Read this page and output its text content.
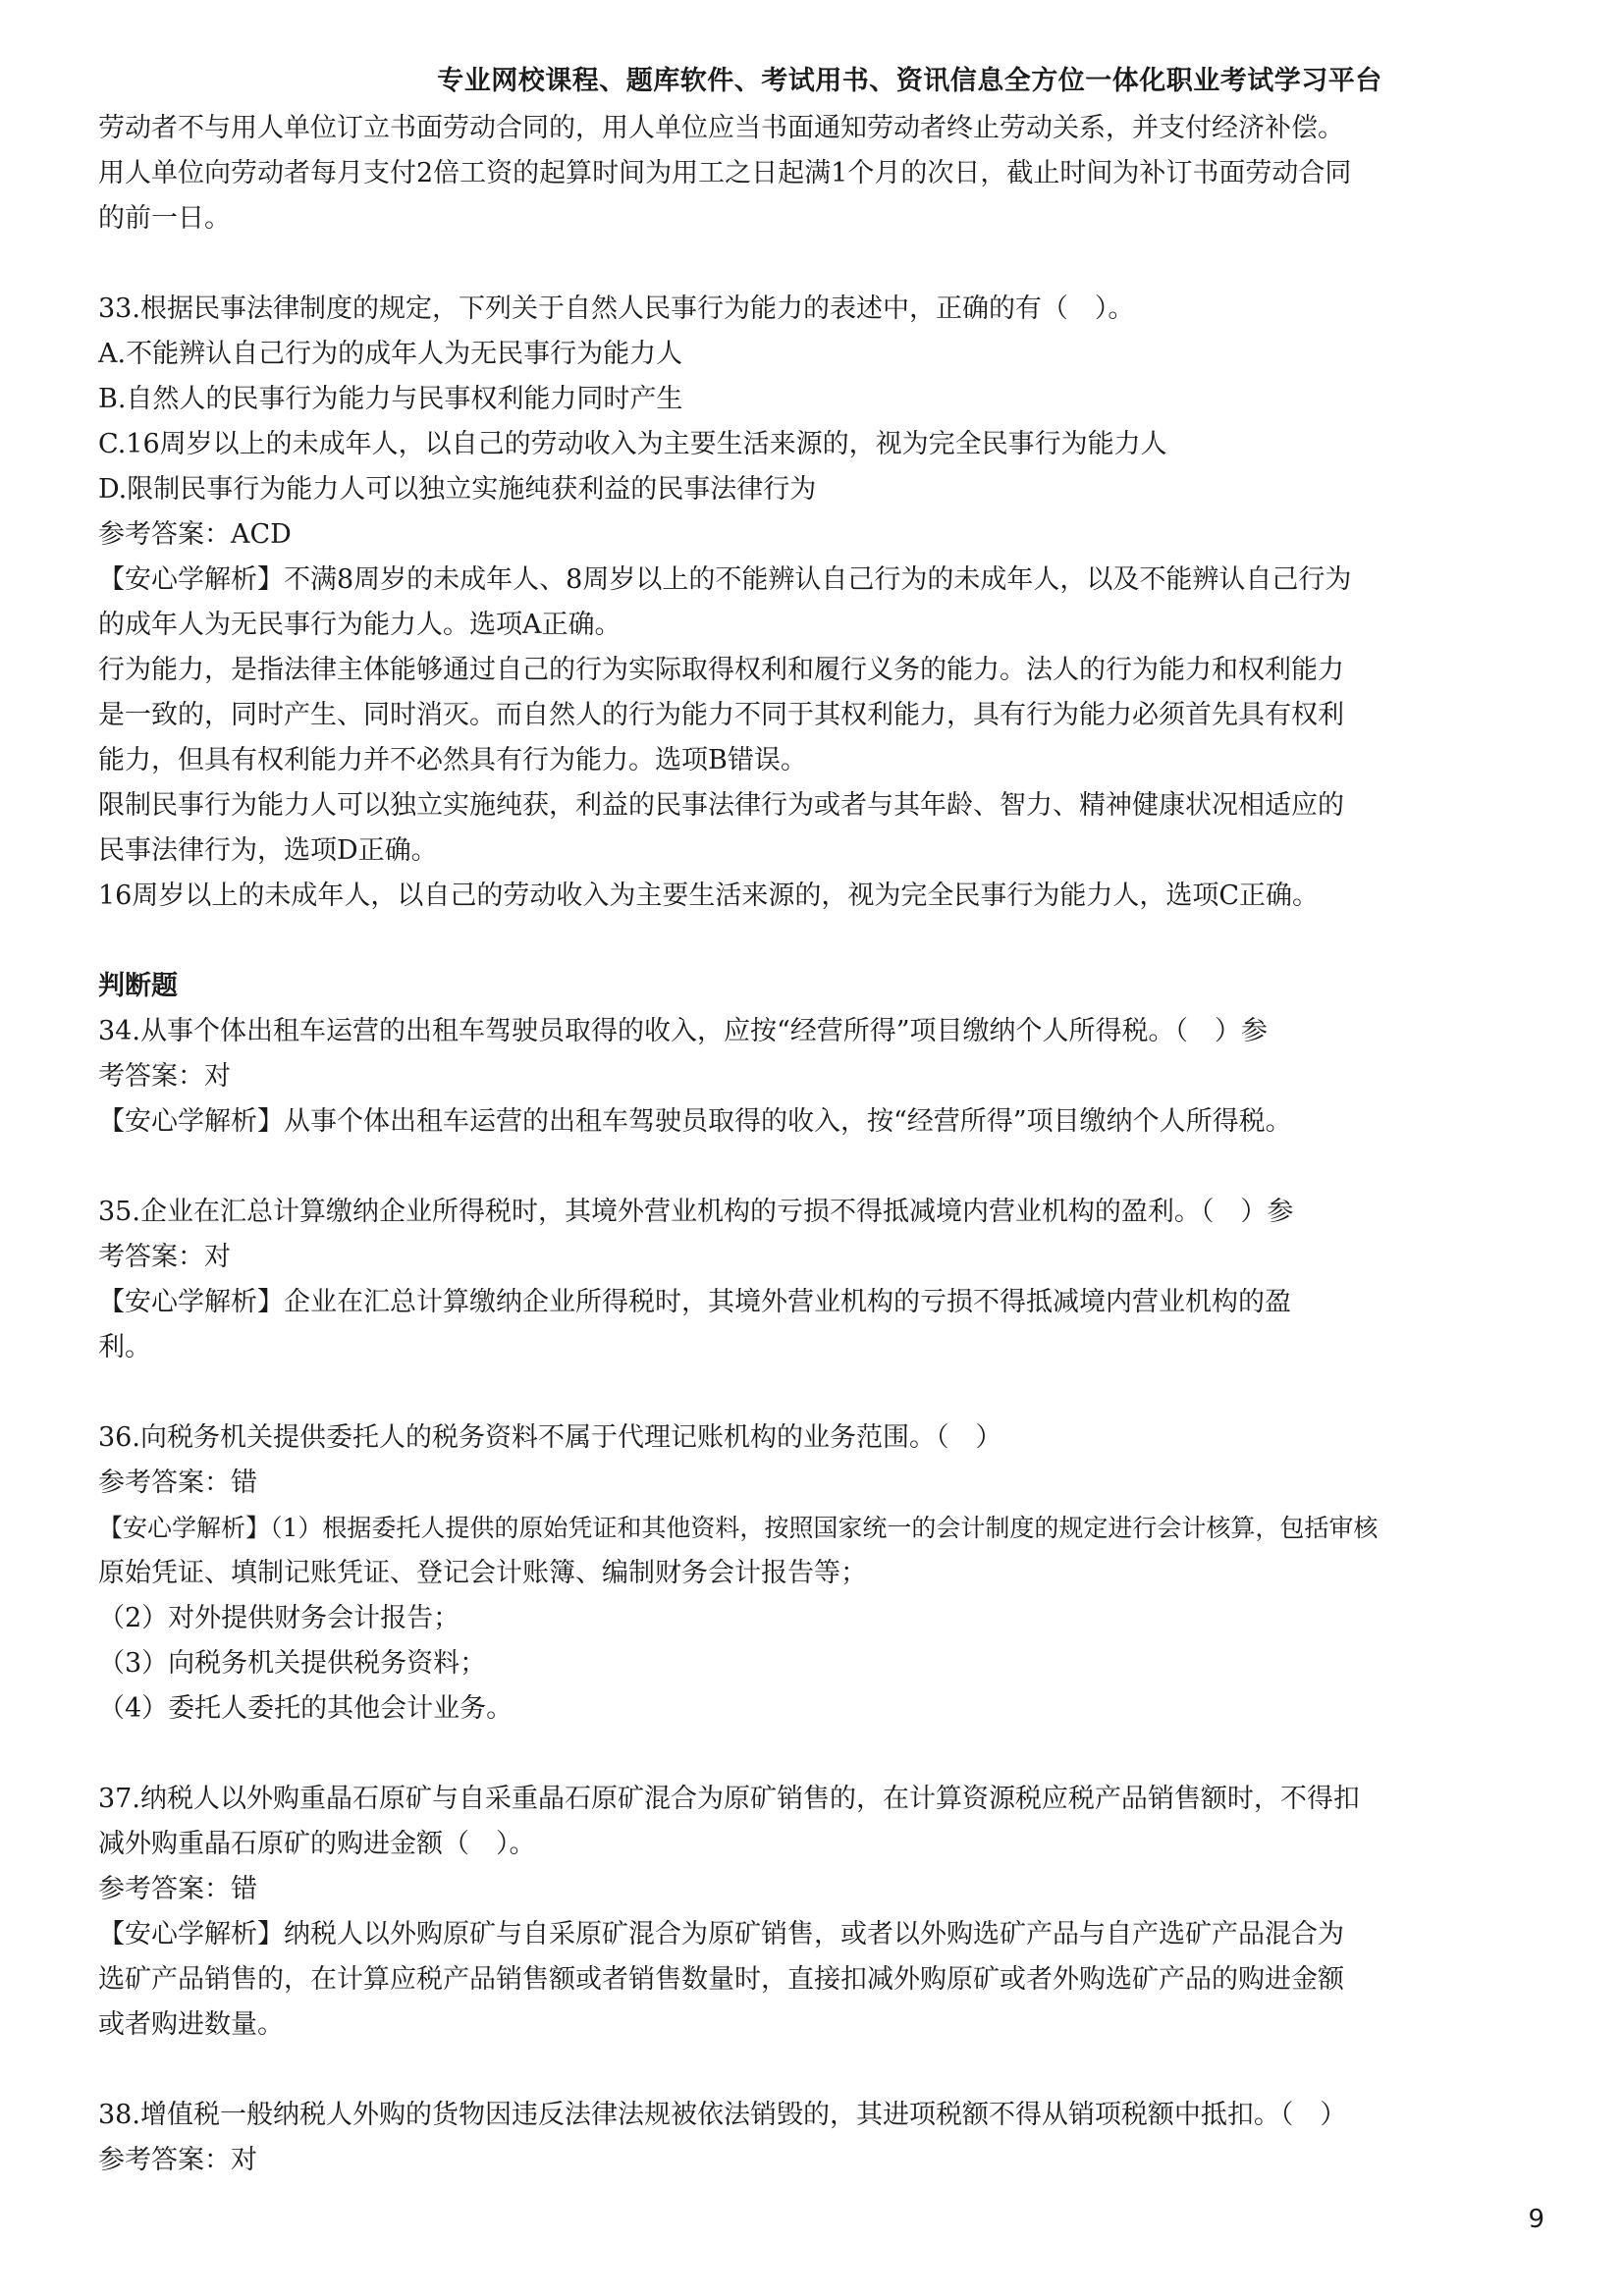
专业网校课程、题库软件、考试用书、资讯信息全方位一体化职业考试学习平台
劳动者不与用人单位订立书面劳动合同的，用人单位应当书面通知劳动者终止劳动关系，并支付经济补偿。
用人单位向劳动者每月支付2倍工资的起算时间为用工之日起满1个月的次日，截止时间为补订书面劳动合同
的前一日。
33.根据民事法律制度的规定，下列关于自然人民事行为能力的表述中，正确的有（　）。
A.不能辨认自己行为的成年人为无民事行为能力人
B.自然人的民事行为能力与民事权利能力同时产生
C.16周岁以上的未成年人，以自己的劳动收入为主要生活来源的，视为完全民事行为能力人
D.限制民事行为能力人可以独立实施纯获利益的民事法律行为
参考答案：ACD
【安心学解析】不满8周岁的未成年人、8周岁以上的不能辨认自己行为的未成年人，以及不能辨认自己行为
的成年人为无民事行为能力人。选项A正确。
行为能力，是指法律主体能够通过自己的行为实际取得权利和履行义务的能力。法人的行为能力和权利能力
是一致的，同时产生、同时消灭。而自然人的行为能力不同于其权利能力，具有行为能力必须首先具有权利
能力，但具有权利能力并不必然具有行为能力。选项B错误。
限制民事行为能力人可以独立实施纯获，利益的民事法律行为或者与其年龄、智力、精神健康状况相适应的
民事法律行为，选项D正确。
16周岁以上的未成年人，以自己的劳动收入为主要生活来源的，视为完全民事行为能力人，选项C正确。
判断题
34.从事个体出租车运营的出租车驾驶员取得的收入，应按“经营所得”项目缴纳个人所得税。（　）参
考答案：对
【安心学解析】从事个体出租车运营的出租车驾驶员取得的收入，按“经营所得”项目缴纳个人所得税。
35.企业在汇总计算缴纳企业所得税时，其境外营业机构的亏损不得抵减境内营业机构的盈利。（　）参
考答案：对
【安心学解析】企业在汇总计算缴纳企业所得税时，其境外营业机构的亏损不得抵减境内营业机构的盈
利。
36.向税务机关提供委托人的税务资料不属于代理记账机构的业务范围。（　）
参考答案：错
【安心学解析】（1）根据委托人提供的原始凭证和其他资料，按照国家统一的会计制度的规定进行会计核算，包括审核
原始凭证、填制记账凭证、登记会计账簿、编制财务会计报告等；
（2）对外提供财务会计报告；
（3）向税务机关提供税务资料；
（4）委托人委托的其他会计业务。
37.纳税人以外购重晶石原矿与自采重晶石原矿混合为原矿销售的，在计算资源税应税产品销售额时，不得扣
减外购重晶石原矿的购进金额（　）。
参考答案：错
【安心学解析】纳税人以外购原矿与自采原矿混合为原矿销售，或者以外购选矿产品与自产选矿产品混合为
选矿产品销售的，在计算应税产品销售额或者销售数量时，直接扣减外购原矿或者外购选矿产品的购进金额
或者购进数量。
38.增值税一般纳税人外购的货物因违反法律法规被依法销毁的，其进项税额不得从销项税额中抵扣。（　）
参考答案：对
9
